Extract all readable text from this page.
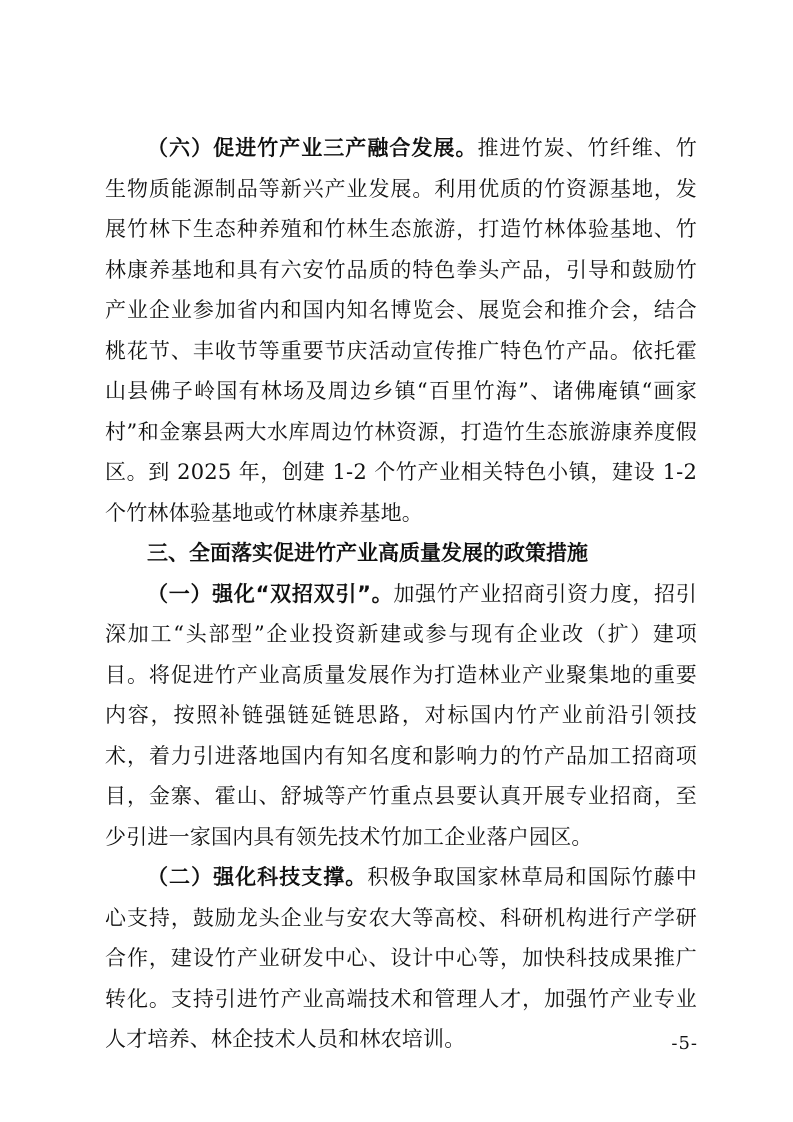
（六）促进竹产业三产融合发展。推进竹炭、竹纤维、竹生物质能源制品等新兴产业发展。利用优质的竹资源基地，发展竹林下生态种养殖和竹林生态旅游，打造竹林体验基地、竹林康养基地和具有六安竹品质的特色拳头产品，引导和鼓励竹产业企业参加省内和国内知名博览会、展览会和推介会，结合桃花节、丰收节等重要节庆活动宣传推广特色竹产品。依托霍山县佛子岭国有林场及周边乡镇“百里竹海”、诸佛庵镇“画家村”和金寨县两大水库周边竹林资源，打造竹生态旅游康养度假区。到 2025 年，创建 1-2 个竹产业相关特色小镇，建设 1-2 个竹林体验基地或竹林康养基地。

三、全面落实促进竹产业高质量发展的政策措施

（一）强化“双招双引”。加强竹产业招商引资力度，招引深加工“头部型”企业投资新建或参与现有企业改（扩）建项目。将促进竹产业高质量发展作为打造林业产业聚集地的重要内容，按照补链强链延链思路，对标国内竹产业前沿引领技术，着力引进落地国内有知名度和影响力的竹产品加工招商项目，金寨、霍山、舒城等产竹重点县要认真开展专业招商，至少引进一家国内具有领先技术竹加工企业落户园区。

（二）强化科技支撑。积极争取国家林草局和国际竹藤中心支持，鼓励龙头企业与安农大等高校、科研机构进行产学研合作，建设竹产业研发中心、设计中心等，加快科技成果推广转化。支持引进竹产业高端技术和管理人才，加强竹产业专业人才培养、林企技术人员和林农培训。	-5-
